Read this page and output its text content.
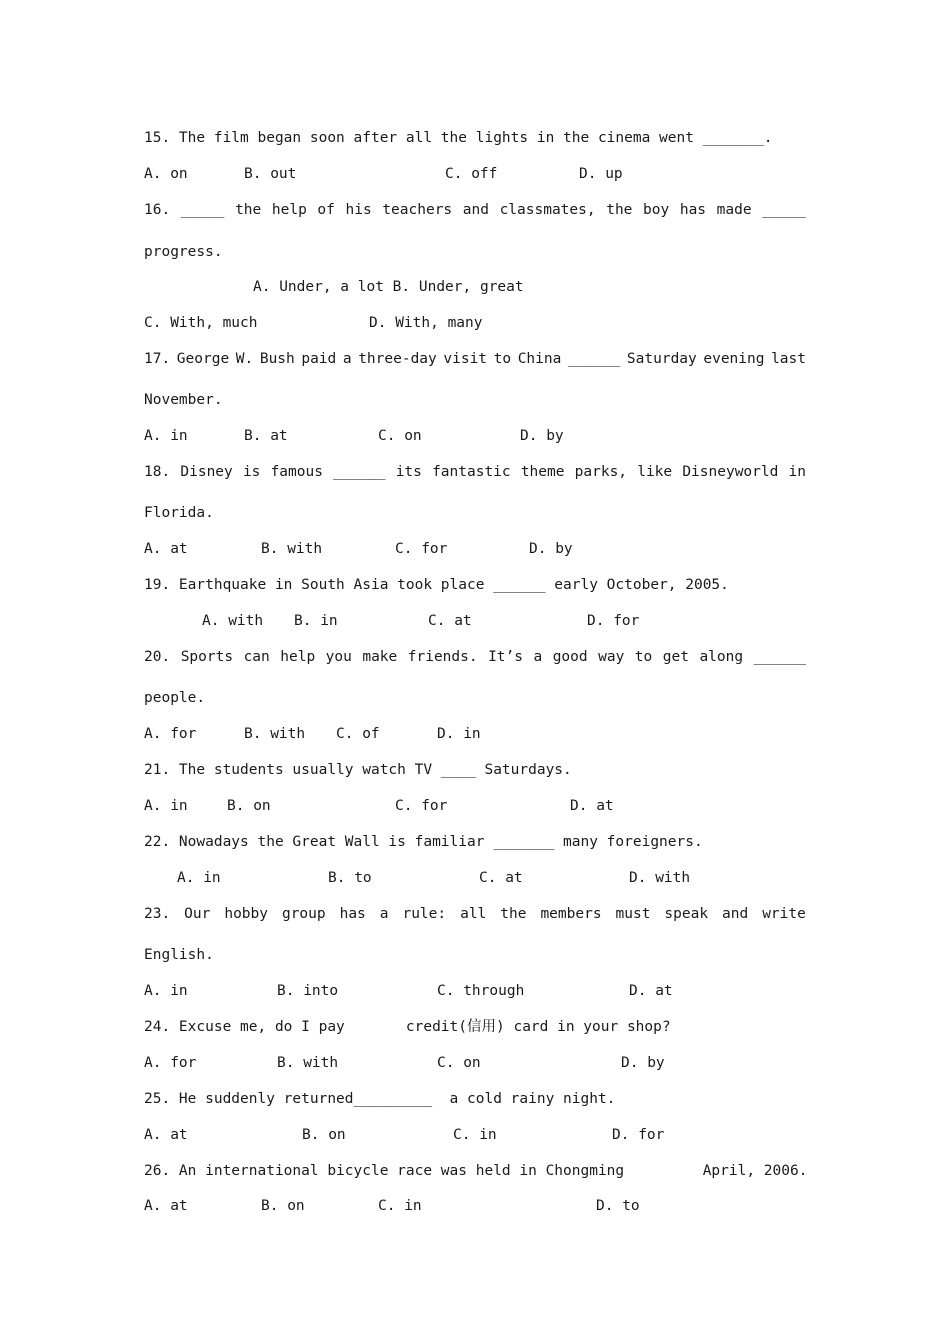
15. The film began soon after all the lights in the cinema went _______.
A. on	B. out	C. off	D. up
16. _____ the help of his teachers and classmates, the boy has made _____
progress.
A. Under, a lot B. Under, great
C. With, much	D. With, many
17. George W. Bush paid a three-day visit to China ______ Saturday evening last
November.
A. in	B. at	C. on	D. by
18. Disney is famous ______ its fantastic theme parks, like Disneyworld in
Florida.
A. at	B. with	C. for	D. by
19. Earthquake in South Asia took place ______ early October, 2005.
A. with B. in	C. at	D. for
20. Sports can help you make friends. It’s a good way to get along ______
people.
A. for	B. with C. of	D. in
21. The students usually watch TV ____ Saturdays.
A. in	B. on	C. for	D. at
22. Nowadays the Great Wall is familiar _______ many foreigners.
A. in	B. to	C. at	D. with
23. Our hobby group has a rule: all the members must speak and write
English.
A. in	B. into	C. through	D. at
24. Excuse me, do I pay       credit(信用) card in your shop?
A. for	B. with	C. on	D. by
25. He suddenly returned_________  a cold rainy night.
A. at	B. on	C. in	D. for
26. An international bicycle race was held in Chongming         April, 2006.
A. at	B. on	C. in	D. to
